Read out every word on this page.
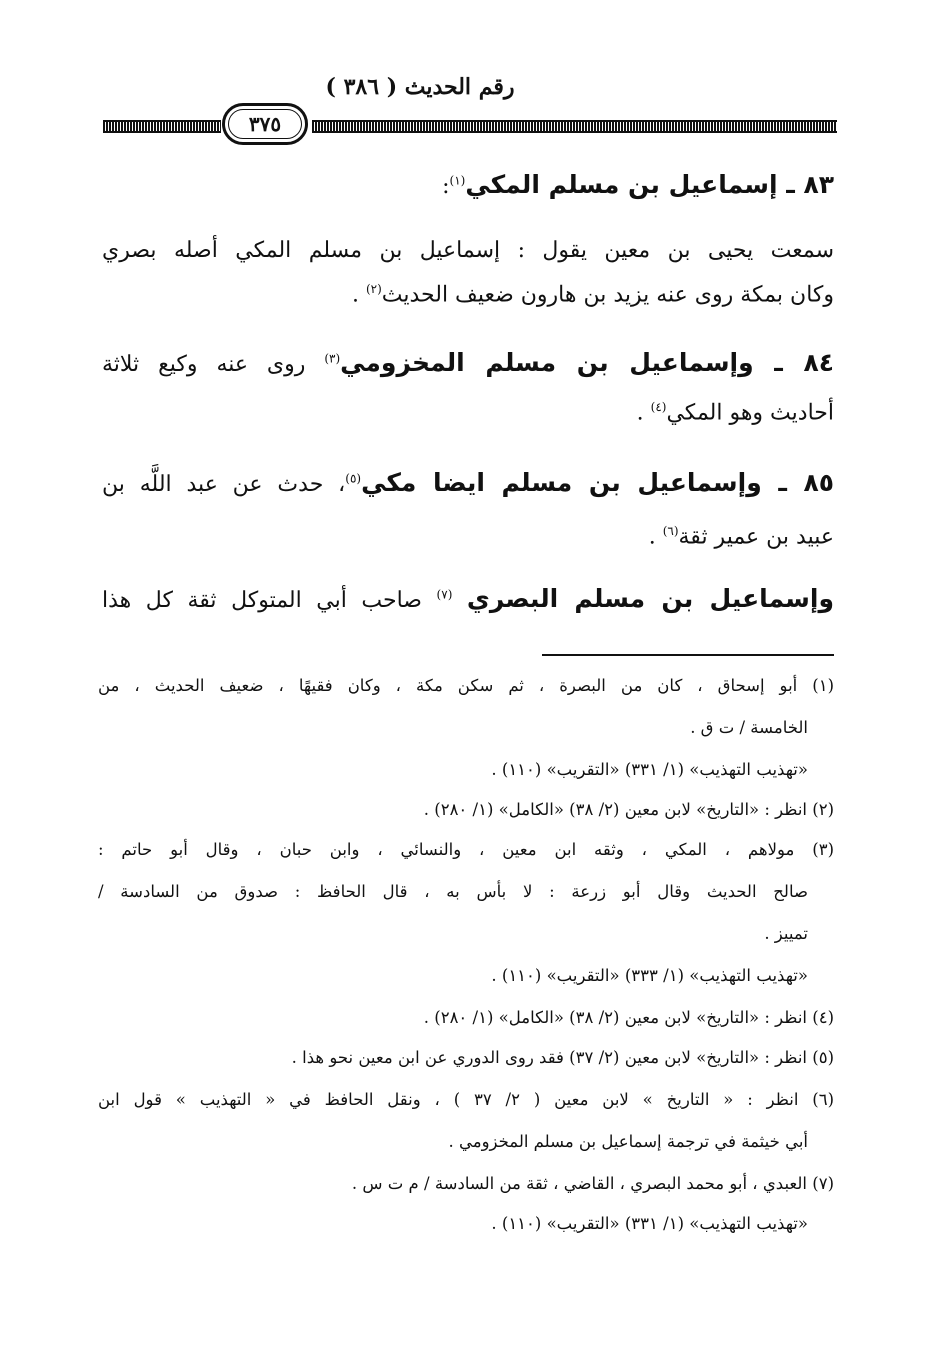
رقم الحديث ( ٣٨٦ )
٣٧٥
٨٣ ـ إسماعيل بن مسلم المكي$^{(١)}$:
سمعت يحيى بن معين يقول : إسماعيل بن مسلم المكي أصله بصري
وكان بمكة روى عنه يزيد بن هارون ضعيف الحديث$^{(٢)}$ .
٨٤ ـ وإسماعيل بن مسلم المخزومي$^{(٣)}$ روى عنه وكيع ثلاثة
أحاديث وهو المكي$^{(٤)}$ .
٨٥ ـ وإسماعيل بن مسلم ايضا مكي$^{(٥)}$، حدث عن عبد اللَّه بن
عبيد بن عمير ثقة$^{(٦)}$ .
وإسماعيل بن مسلم البصري $^{(٧)}$ صاحب أبي المتوكل ثقة كل هذا
(١) أبو إسحاق ، كان من البصرة ، ثم سكن مكة ، وكان فقيهًا ، ضعيف الحديث ، من
الخامسة / ت ق .
«تهذيب التهذيب» (١/ ٣٣١) «التقريب» (١١٠) .
(٢) انظر : «التاريخ» لابن معين (٢/ ٣٨) «الكامل» (١/ ٢٨٠) .
(٣) مولاهم ، المكي ، وثقه ابن معين ، والنسائي ، وابن حبان ، وقال أبو حاتم :
صالح الحديث وقال أبو زرعة : لا بأس به ، قال الحافظ : صدوق من السادسة /
تمييز .
«تهذيب التهذيب» (١/ ٣٣٣) «التقريب» (١١٠) .
(٤) انظر : «التاريخ» لابن معين (٢/ ٣٨) «الكامل» (١/ ٢٨٠) .
(٥) انظر : «التاريخ» لابن معين (٢/ ٣٧) فقد روى الدوري عن ابن معين نحو هذا .
(٦) انظر : « التاريخ » لابن معين ( ٢/ ٣٧ ) ، ونقل الحافظ في « التهذيب » قول ابن
أبي خيثمة في ترجمة إسماعيل بن مسلم المخزومي .
(٧) العبدي ، أبو محمد البصري ، القاضي ، ثقة من السادسة / م ت س .
«تهذيب التهذيب» (١/ ٣٣١) «التقريب» (١١٠) .
